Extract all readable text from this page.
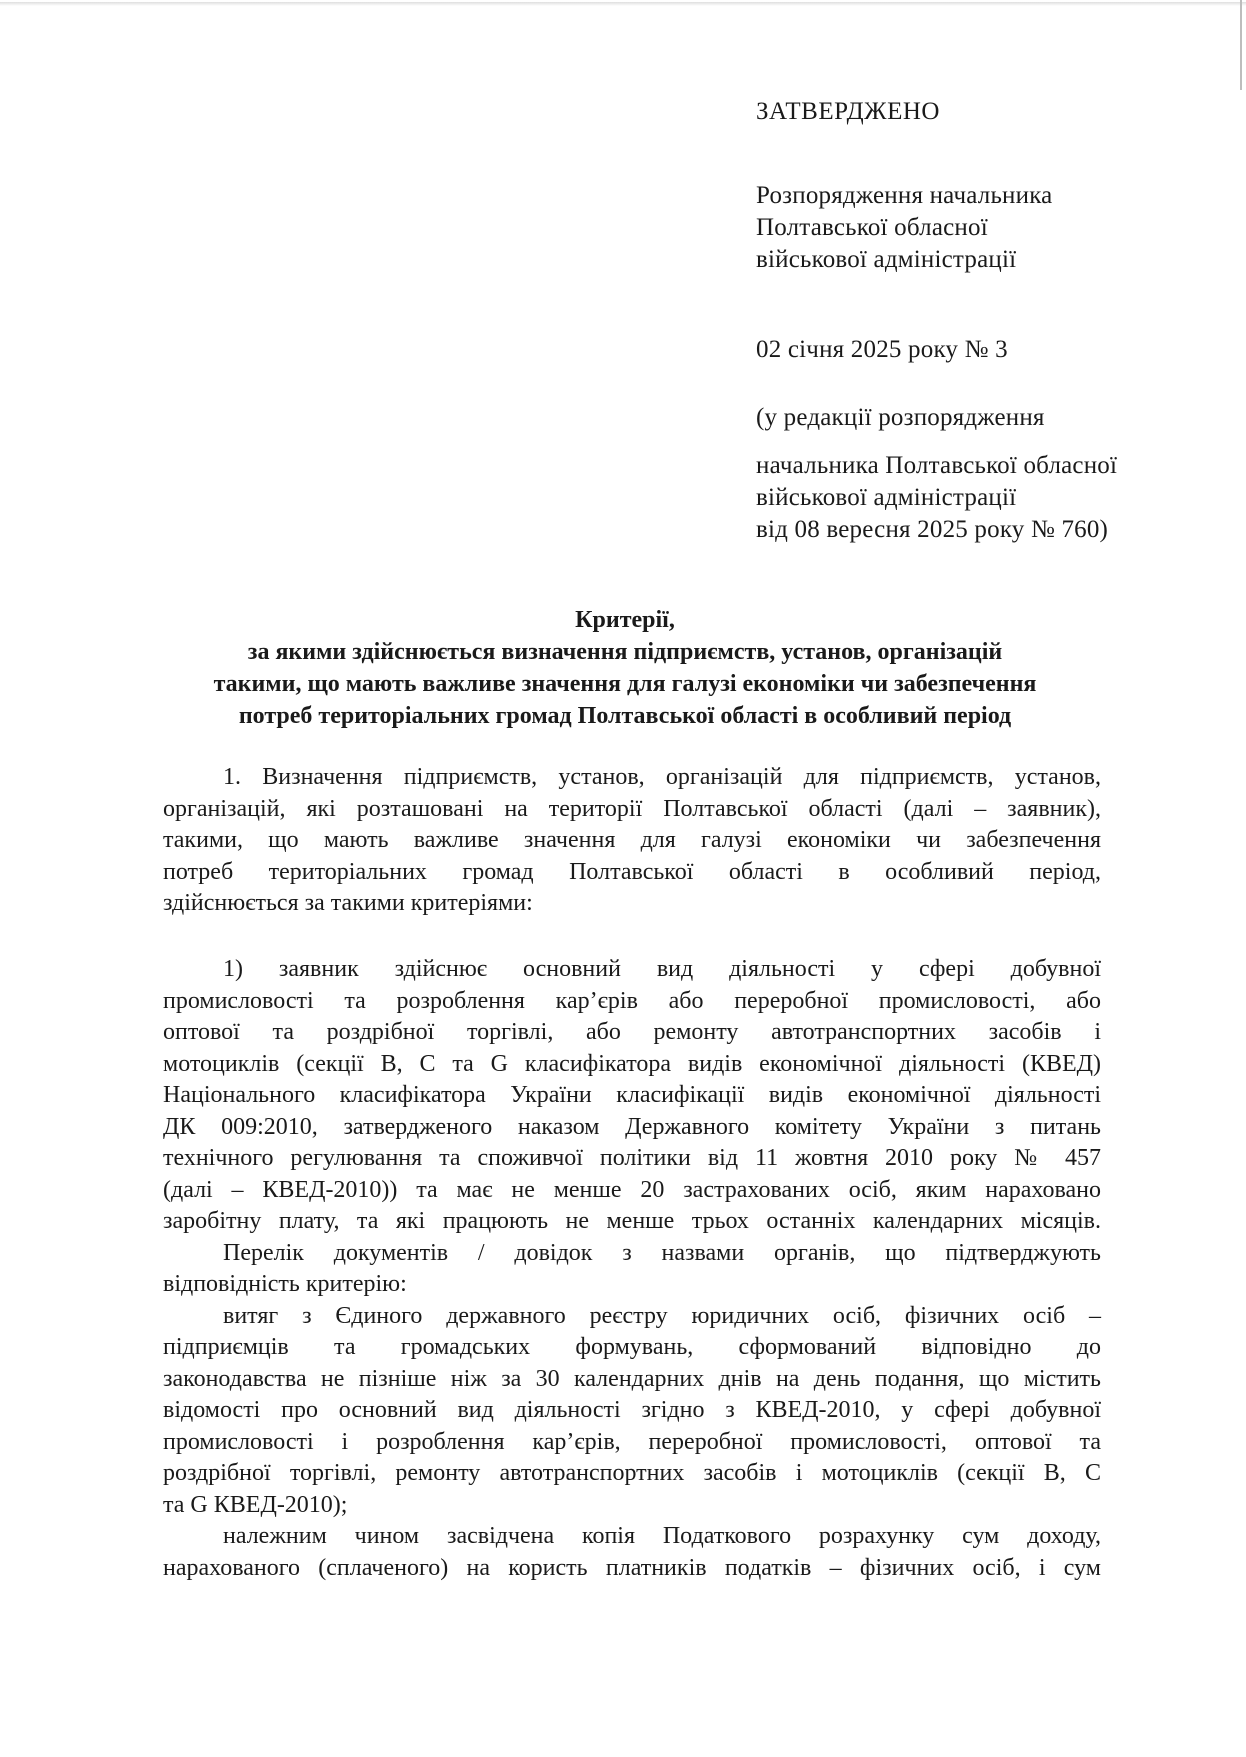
ЗАТВЕРДЖЕНО
Розпорядження начальника
Полтавської обласної
військової адміністрації
02 січня 2025 року № 3
(у редакції розпорядження
начальника Полтавської обласної
військової адміністрації
від 08 вересня 2025 року № 760)
Критерії,
за якими здійснюється визначення підприємств, установ, організацій
такими, що мають важливе значення для галузі економіки чи забезпечення
потреб територіальних громад Полтавської області в особливий період
1. Визначення підприємств, установ, організацій для підприємств, установ,
організацій, які розташовані на території Полтавської області (далі – заявник),
такими, що мають важливе значення для галузі економіки чи забезпечення
потреб територіальних громад Полтавської області в особливий період,
здійснюється за такими критеріями:
1) заявник здійснює основний вид діяльності у сфері добувної
промисловості та розроблення кар’єрів або переробної промисловості, або
оптової та роздрібної торгівлі, або ремонту автотранспортних засобів і
мотоциклів (секції B, C та G класифікатора видів економічної діяльності (КВЕД)
Національного класифікатора України класифікації видів економічної діяльності
ДК 009:2010, затвердженого наказом Державного комітету України з питань
технічного регулювання та споживчої політики від 11 жовтня 2010 року № 457
(далі – КВЕД-2010)) та має не менше 20 застрахованих осіб, яким нараховано
заробітну плату, та які працюють не менше трьох останніх календарних місяців.
Перелік документів / довідок з назвами органів, що підтверджують
відповідність критерію:
витяг з Єдиного державного реєстру юридичних осіб, фізичних осіб –
підприємців та громадських формувань, сформований відповідно до
законодавства не пізніше ніж за 30 календарних днів на день подання, що містить
відомості про основний вид діяльності згідно з КВЕД-2010, у сфері добувної
промисловості і розроблення кар’єрів, переробної промисловості, оптової та
роздрібної торгівлі, ремонту автотранспортних засобів і мотоциклів (секції B, C
та G КВЕД-2010);
належним чином засвідчена копія Податкового розрахунку сум доходу,
нарахованого (сплаченого) на користь платників податків – фізичних осіб, і сум
